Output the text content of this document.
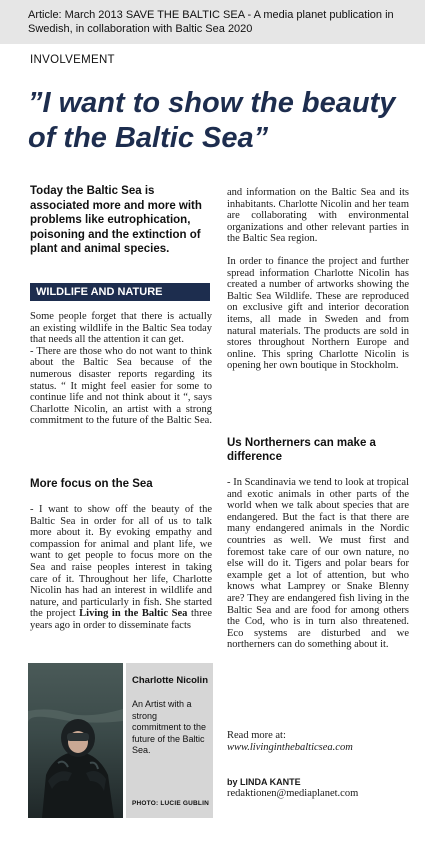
Article: March 2013 SAVE THE BALTIC SEA - A media planet publication in Swedish, in collaboration with Baltic Sea 2020
INVOLVEMENT
”I want to show the beauty of the Baltic Sea”

Today the Baltic Sea is associated more and more with problems like eutrophication, poisoning and the extinction of plant and animal species.

WILDLIFE AND NATURE

Some people forget that there is actually an existing wildlife in the Baltic Sea today that needs all the attention it can get.

- There are those who do not want to think about the Baltic Sea because of the numerous disaster reports regarding its status. “ It might feel easier for some to continue life and not think about it “, says Charlotte Nicolin, an artist with a strong commitment to the future of the Baltic Sea.

More focus on the Sea

- I want to show off the beauty of the Baltic Sea in order for all of us to talk more about it. By evoking empathy and compassion for animal and plant life, we want to get people to focus more on the Sea and raise peoples interest in taking care of it. Throughout her life, Charlotte Nicolin has had an interest in wildlife and nature, and particularly in fish. She started the project Living in the Baltic Sea three years ago in order to disseminate facts

Charlotte Nicolin

An Artist with a strong commitment to the future of the Baltic Sea.

PHOTO: LUCIE GUBLIN

and information on the Baltic Sea and its inhabitants. Charlotte Nicolin and her team are collaborating with environmental organizations and other relevant parties in the Baltic Sea region.

In order to finance the project and further spread information Charlotte Nicolin has created a number of artworks showing the Baltic Sea Wildlife. These are reproduced on exclusive gift and interior decoration items, all made in Sweden and from natural materials. The products are sold in stores throughout Northern Europe and online. This spring Charlotte Nicolin is opening her own boutique in Stockholm.

Us Northerners can make a difference

- In Scandinavia we tend to look at tropical and exotic animals in other parts of the world when we talk about species that are endangered. But the fact is that there are many endangered animals in the Nordic countries as well. We must first and foremost take care of our own nature, no else will do it. Tigers and polar bears for example get a lot of attention, but who knows what Lamprey or Snake Blenny are? They are endangered fish living in the Baltic Sea and are food for among others the Cod, who is in turn also threatened. Eco systems are disturbed and we northerners can do something about it.

Read more at:
www.livinginthebalticsea.com
by LINDA KANTE
redaktionen@mediaplanet.com
